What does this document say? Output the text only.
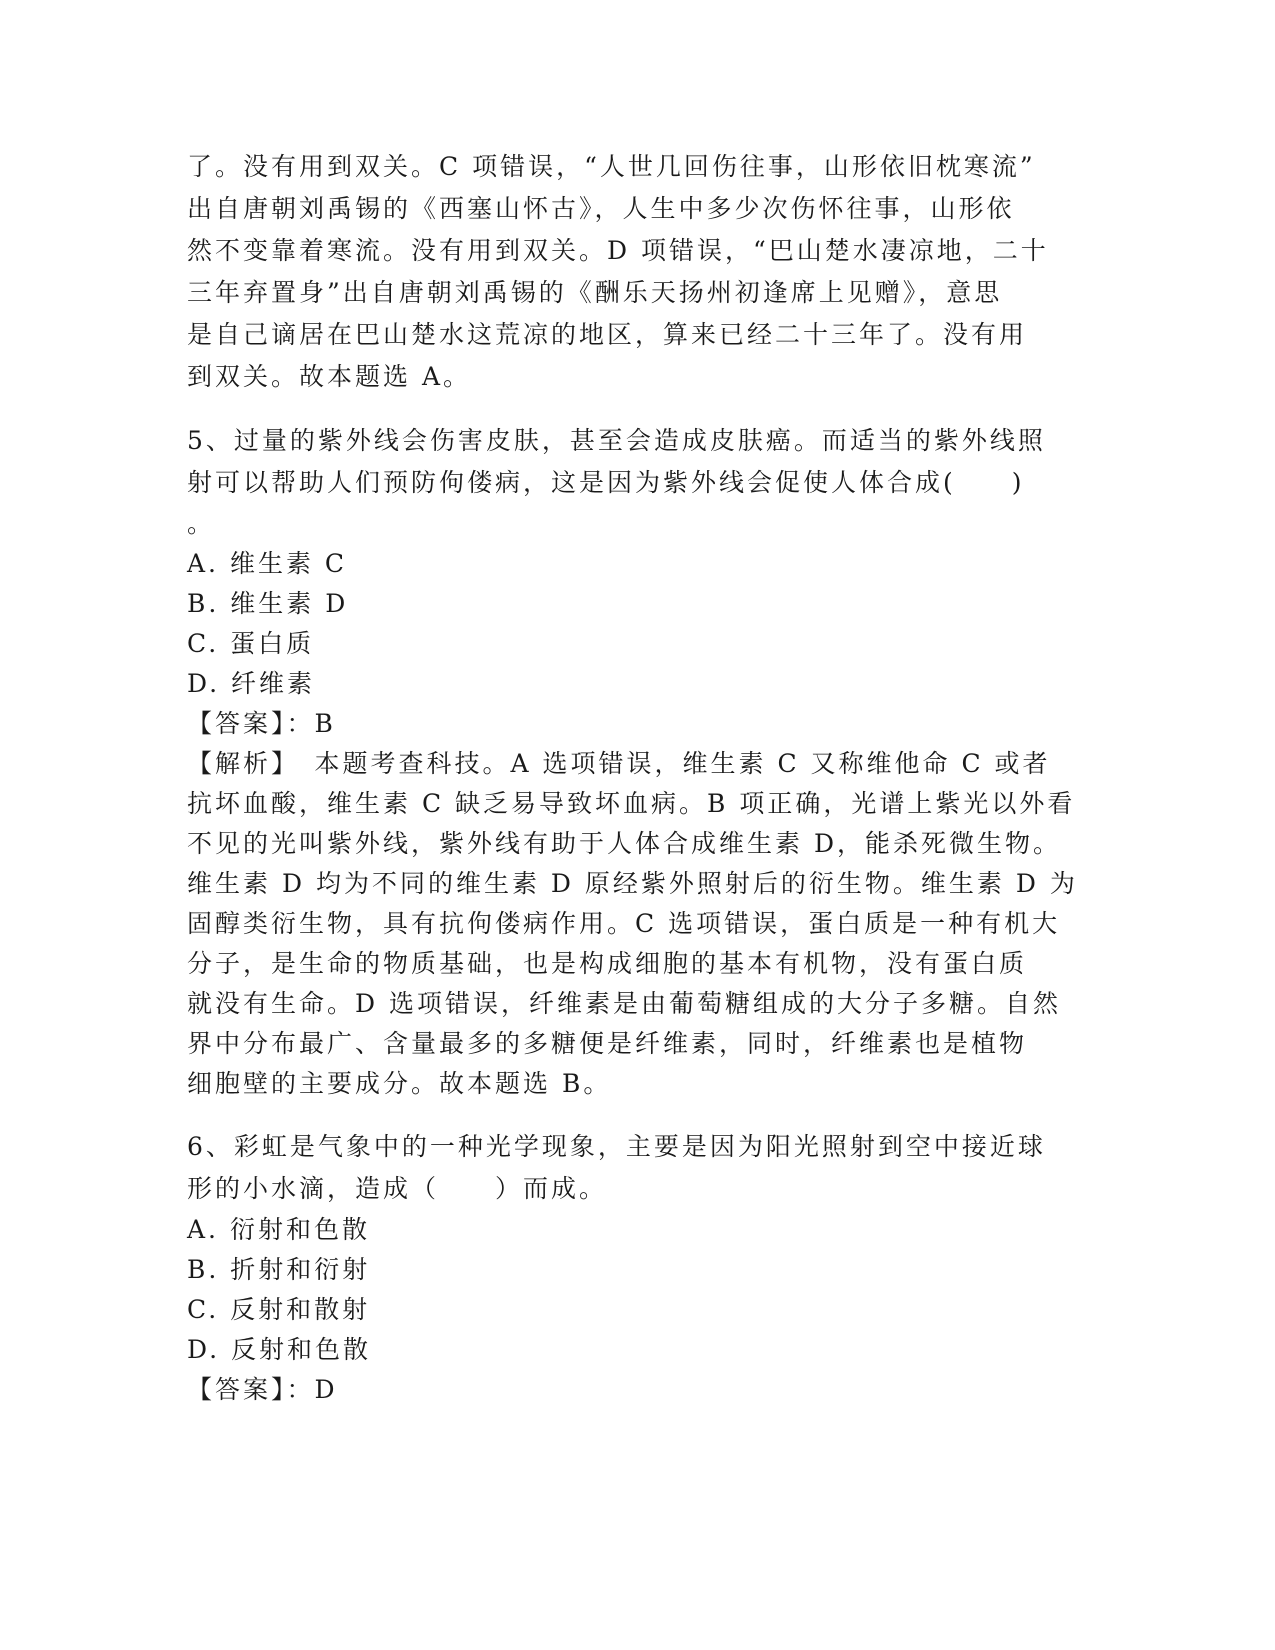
了。没有用到双关。C 项错误，“人世几回伤往事，山形依旧枕寒流”
出自唐朝刘禹锡的《西塞山怀古》，人生中多少次伤怀往事，山形依
然不变靠着寒流。没有用到双关。D 项错误，“巴山楚水凄凉地，二十
三年弃置身”出自唐朝刘禹锡的《酬乐天扬州初逢席上见赠》，意思
是自己谪居在巴山楚水这荒凉的地区，算来已经二十三年了。没有用
到双关。故本题选 A。
5、过量的紫外线会伤害皮肤，甚至会造成皮肤癌。而适当的紫外线照
射可以帮助人们预防佝偻病，这是因为紫外线会促使人体合成(　　)
。
A. 维生素 C
B. 维生素 D
C. 蛋白质
D. 纤维素
【答案】：B
【解析】　本题考查科技。A 选项错误，维生素 C 又称维他命 C 或者
抗坏血酸，维生素 C 缺乏易导致坏血病。B 项正确，光谱上紫光以外看
不见的光叫紫外线，紫外线有助于人体合成维生素 D，能杀死微生物。
维生素 D 均为不同的维生素 D 原经紫外照射后的衍生物。维生素 D 为
固醇类衍生物，具有抗佝偻病作用。C 选项错误，蛋白质是一种有机大
分子，是生命的物质基础，也是构成细胞的基本有机物，没有蛋白质
就没有生命。D 选项错误，纤维素是由葡萄糖组成的大分子多糖。自然
界中分布最广、含量最多的多糖便是纤维素，同时，纤维素也是植物
细胞壁的主要成分。故本题选 B。
6、彩虹是气象中的一种光学现象，主要是因为阳光照射到空中接近球
形的小水滴，造成（　　）而成。
A. 衍射和色散
B. 折射和衍射
C. 反射和散射
D. 反射和色散
【答案】：D
